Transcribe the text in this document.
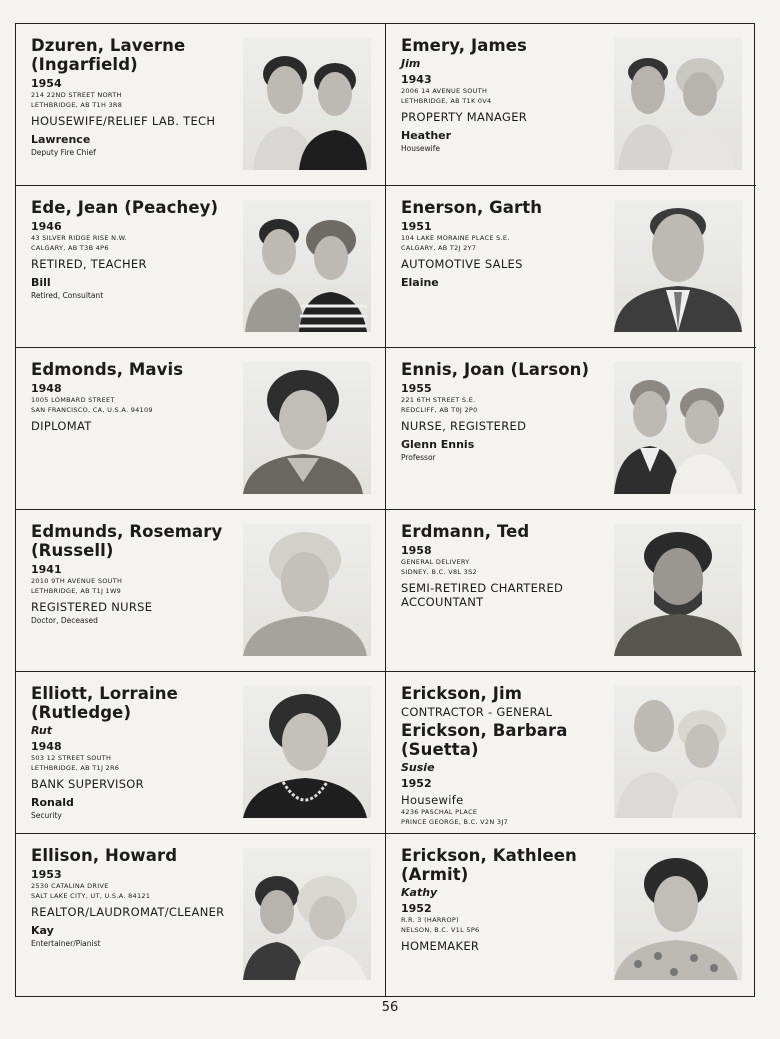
Dzuren, Laverne
(Ingarfield)
1954
214 22ND STREET NORTH
LETHBRIDGE, AB T1H 3R8
HOUSEWIFE/RELIEF LAB. TECH
Lawrence
Deputy Fire Chief
Emery, James
Jim
1943
2006 14 AVENUE SOUTH
LETHBRIDGE, AB T1K 0V4
PROPERTY MANAGER
Heather
Housewife
Ede, Jean (Peachey)
1946
43 SILVER RIDGE RISE N.W.
CALGARY, AB T3B 4P6
RETIRED, TEACHER
Bill
Retired, Consultant
Enerson, Garth
1951
104 LAKE MORAINE PLACE S.E.
CALGARY, AB T2J 2Y7
AUTOMOTIVE SALES
Elaine
Edmonds, Mavis
1948
1005 LOMBARD STREET
SAN FRANCISCO, CA, U.S.A. 94109
DIPLOMAT
Ennis, Joan (Larson)
1955
221 6TH STREET S.E.
REDCLIFF, AB T0J 2P0
NURSE, REGISTERED
Glenn Ennis
Professor
Edmunds, Rosemary
(Russell)
1941
2010 9TH AVENUE SOUTH
LETHBRIDGE, AB T1J 1W9
REGISTERED NURSE
Doctor, Deceased
Erdmann, Ted
1958
GENERAL DELIVERY
SIDNEY, B.C. V8L 3S2
SEMI-RETIRED CHARTERED ACCOUNTANT
Elliott, Lorraine
(Rutledge)
Rut
1948
503 12 STREET SOUTH
LETHBRIDGE, AB T1J 2R6
BANK SUPERVISOR
Ronald
Security
Erickson, Jim
CONTRACTOR - GENERAL
Erickson, Barbara
(Suetta)
Susie
1952
Housewife
4236 PASCHAL PLACE
PRINCE GEORGE, B.C. V2N 3J7
Ellison, Howard
1953
2530 CATALINA DRIVE
SALT LAKE CITY, UT, U.S.A. 84121
REALTOR/LAUDROMAT/CLEANER
Kay
Entertainer/Pianist
Erickson, Kathleen
(Armit)
Kathy
1952
R.R. 3 (HARROP)
NELSON, B.C. V1L 5P6
HOMEMAKER
56
